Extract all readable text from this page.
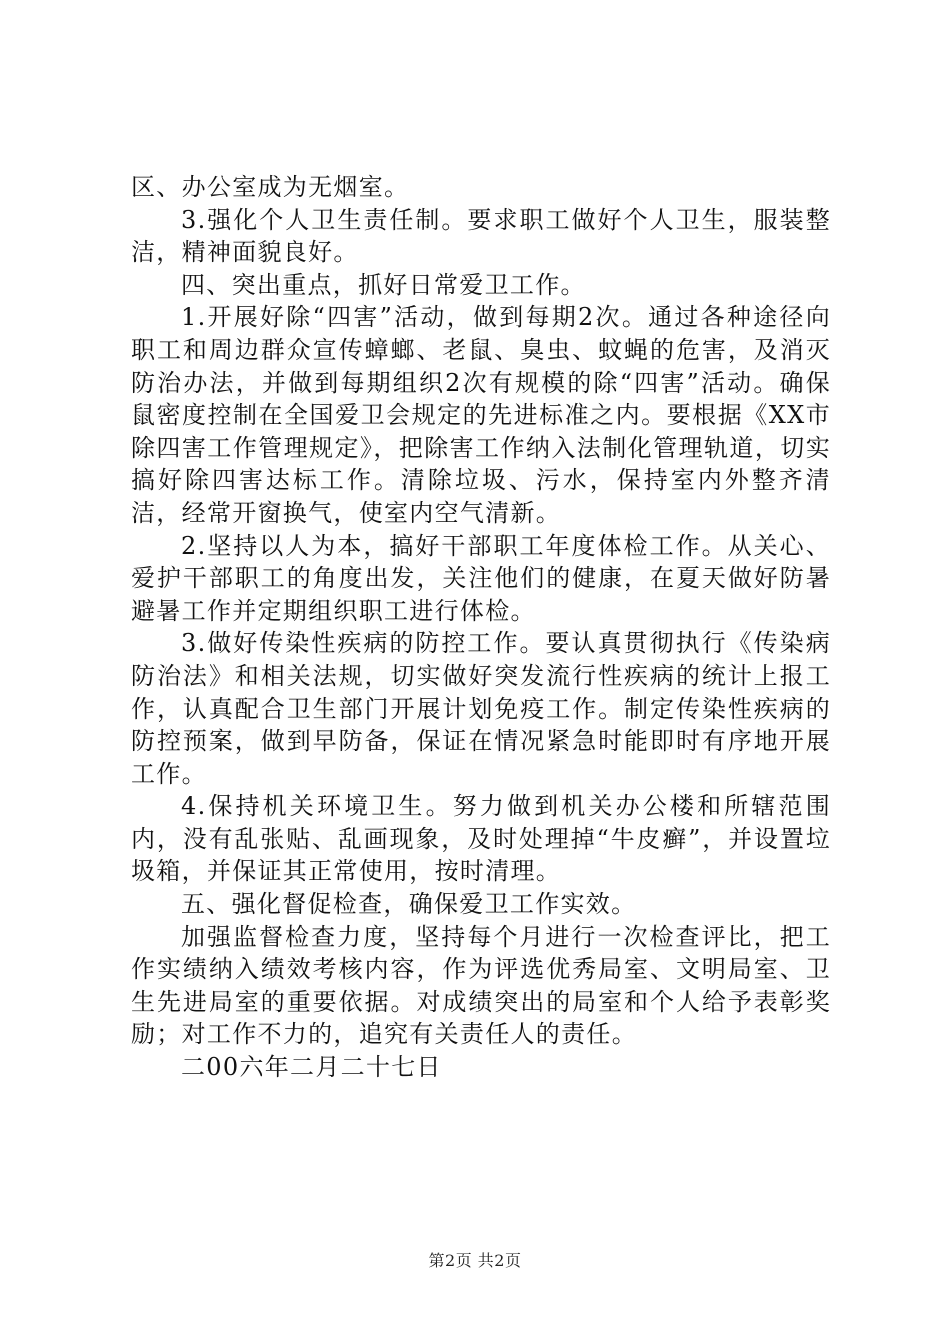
区、办公室成为无烟室。

3.强化个人卫生责任制。要求职工做好个人卫生，服装整洁，精神面貌良好。

四、突出重点，抓好日常爱卫工作。

1.开展好除“四害”活动，做到每期2次。通过各种途径向职工和周边群众宣传蟑螂、老鼠、臭虫、蚊蝇的危害，及消灭防治办法，并做到每期组织2次有规模的除“四害”活动。确保鼠密度控制在全国爱卫会规定的先进标准之内。要根据《XX市除四害工作管理规定》，把除害工作纳入法制化管理轨道，切实搞好除四害达标工作。清除垃圾、污水，保持室内外整齐清洁，经常开窗换气，使室内空气清新。

2.坚持以人为本，搞好干部职工年度体检工作。从关心、爱护干部职工的角度出发，关注他们的健康，在夏天做好防暑避暑工作并定期组织职工进行体检。

3.做好传染性疾病的防控工作。要认真贯彻执行《传染病防治法》和相关法规，切实做好突发流行性疾病的统计上报工作，认真配合卫生部门开展计划免疫工作。制定传染性疾病的防控预案，做到早防备，保证在情况紧急时能即时有序地开展工作。

4.保持机关环境卫生。努力做到机关办公楼和所辖范围内，没有乱张贴、乱画现象，及时处理掉“牛皮癣”，并设置垃圾箱，并保证其正常使用，按时清理。

五、强化督促检查，确保爱卫工作实效。

加强监督检查力度，坚持每个月进行一次检查评比，把工作实绩纳入绩效考核内容，作为评选优秀局室、文明局室、卫生先进局室的重要依据。对成绩突出的局室和个人给予表彰奖励；对工作不力的，追究有关责任人的责任。

二00六年二月二十七日

第2页 共2页
